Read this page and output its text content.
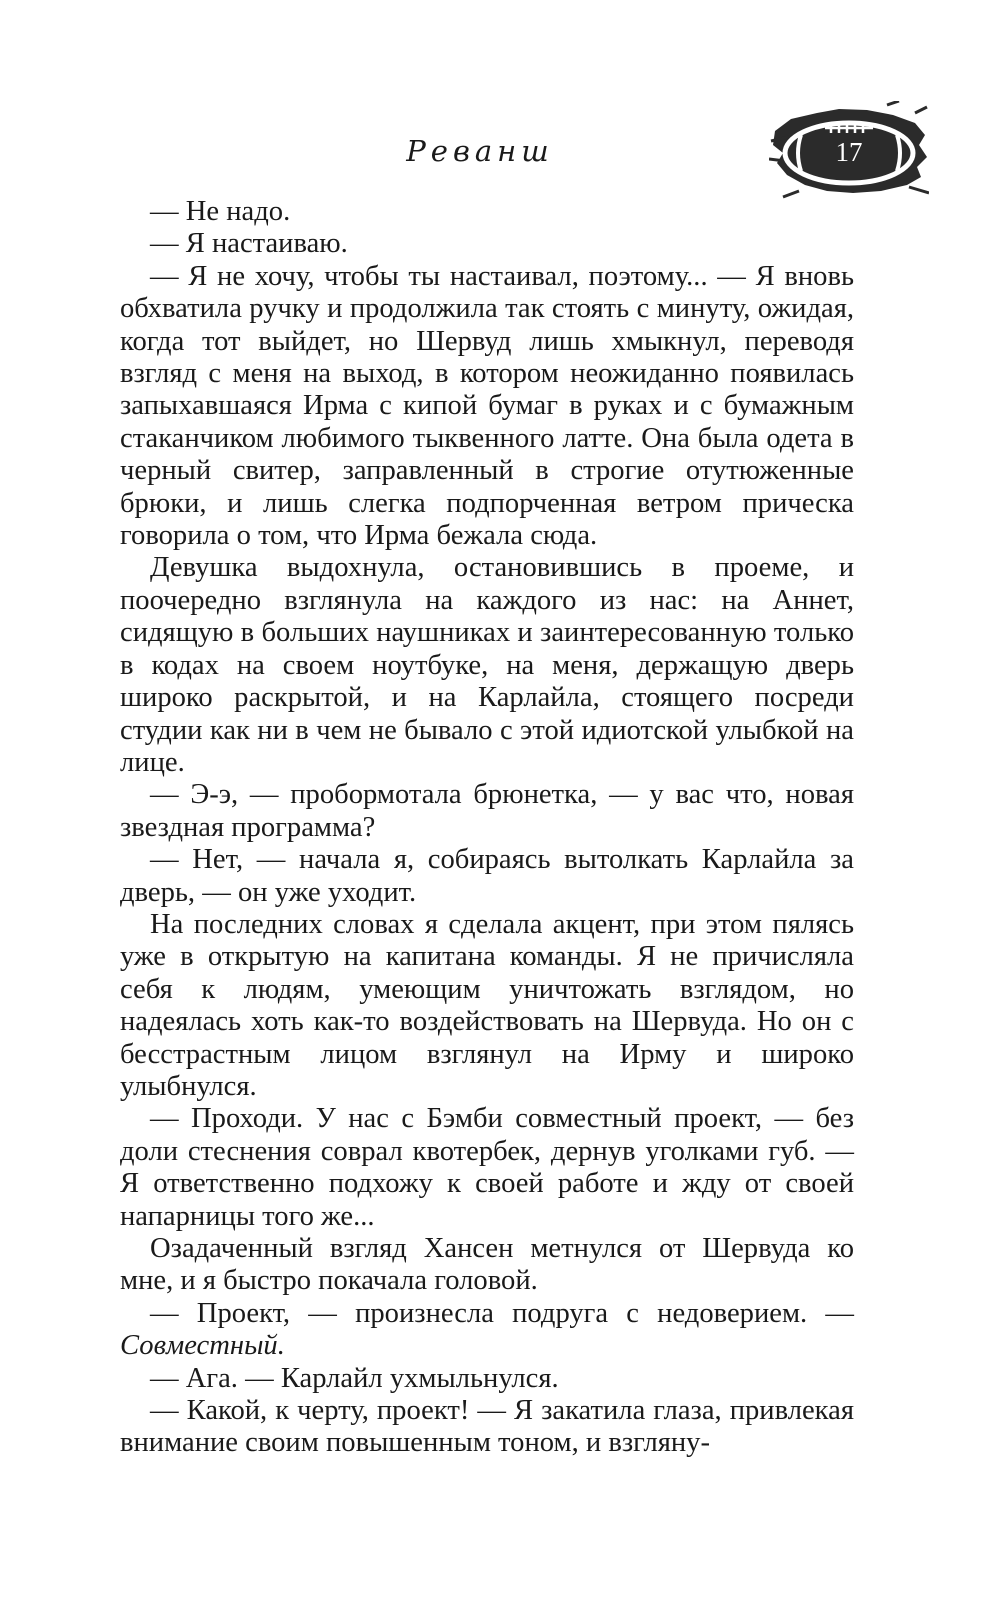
Реванш	17

— Не надо.

— Я настаиваю.

— Я не хочу, чтобы ты настаивал, поэтому... — Я вновь обхватила ручку и продолжила так стоять с минуту, ожидая, когда тот выйдет, но Шервуд лишь хмыкнул, переводя взгляд с меня на выход, в котором неожиданно появилась запыхавшаяся Ирма с кипой бумаг в руках и с бумажным стаканчиком любимого тыквенного латте. Она была одета в черный свитер, заправленный в строгие отутюженные брюки, и лишь слегка подпорченная ветром прическа говорила о том, что Ирма бежала сюда.

Девушка выдохнула, остановившись в проеме, и поочередно взглянула на каждого из нас: на Аннет, сидящую в больших наушниках и заинтересованную только в кодах на своем ноутбуке, на меня, держащую дверь широко раскрытой, и на Карлайла, стоящего посреди студии как ни в чем не бывало с этой идиотской улыбкой на лице.

— Э-э, — пробормотала брюнетка, — у вас что, новая звездная программа?

— Нет, — начала я, собираясь вытолкать Карлайла за дверь, — он уже уходит.

На последних словах я сделала акцент, при этом пялясь уже в открытую на капитана команды. Я не причисляла себя к людям, умеющим уничтожать взглядом, но надеялась хоть как-то воздействовать на Шервуда. Но он с бесстрастным лицом взглянул на Ирму и широко улыбнулся.

— Проходи. У нас с Бэмби совместный проект, — без доли стеснения соврал квотербек, дернув уголками губ. — Я ответственно подхожу к своей работе и жду от своей напарницы того же...

Озадаченный взгляд Хансен метнулся от Шервуда ко мне, и я быстро покачала головой.

— Проект, — произнесла подруга с недоверием. — Совместный.

— Ага. — Карлайл ухмыльнулся.

— Какой, к черту, проект! — Я закатила глаза, привлекая внимание своим повышенным тоном, и взгляну-
